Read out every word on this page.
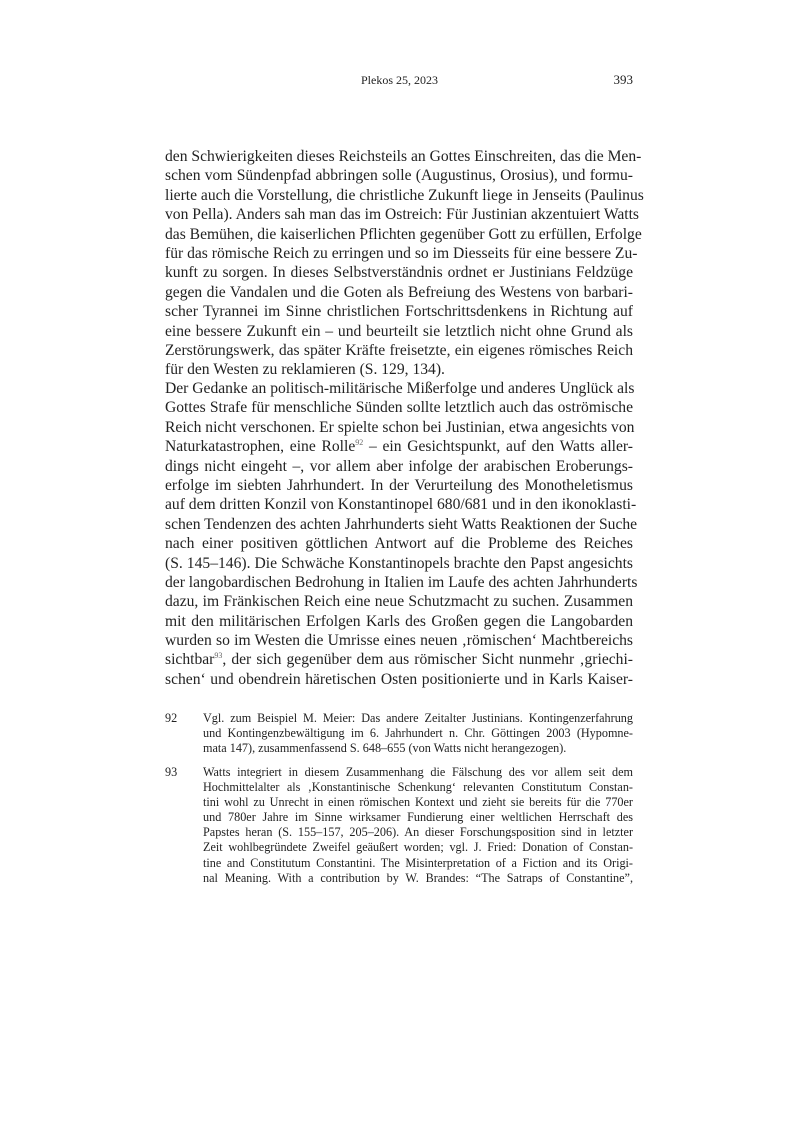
Plekos 25, 2023	393
den Schwierigkeiten dieses Reichsteils an Gottes Einschreiten, das die Men-
schen vom Sündenpfad abbringen solle (Augustinus, Orosius), und formu-
lierte auch die Vorstellung, die christliche Zukunft liege in Jenseits (Paulinus
von Pella). Anders sah man das im Ostreich: Für Justinian akzentuiert Watts
das Bemühen, die kaiserlichen Pflichten gegenüber Gott zu erfüllen, Erfolge
für das römische Reich zu erringen und so im Diesseits für eine bessere Zu-
kunft zu sorgen. In dieses Selbstverständnis ordnet er Justinians Feldzüge
gegen die Vandalen und die Goten als Befreiung des Westens von barbari-
scher Tyrannei im Sinne christlichen Fortschrittsdenkens in Richtung auf
eine bessere Zukunft ein – und beurteilt sie letztlich nicht ohne Grund als
Zerstörungswerk, das später Kräfte freisetzte, ein eigenes römisches Reich
für den Westen zu reklamieren (S. 129, 134).
Der Gedanke an politisch-militärische Mißerfolge und anderes Unglück als
Gottes Strafe für menschliche Sünden sollte letztlich auch das oströmische
Reich nicht verschonen. Er spielte schon bei Justinian, etwa angesichts von
Naturkatastrophen, eine Rolle$^{92}$ – ein Gesichtspunkt, auf den Watts aller-
dings nicht eingeht –, vor allem aber infolge der arabischen Eroberungs-
erfolge im siebten Jahrhundert. In der Verurteilung des Monotheletismus
auf dem dritten Konzil von Konstantinopel 680/681 und in den ikonoklasti-
schen Tendenzen des achten Jahrhunderts sieht Watts Reaktionen der Suche
nach einer positiven göttlichen Antwort auf die Probleme des Reiches
(S. 145–146). Die Schwäche Konstantinopels brachte den Papst angesichts
der langobardischen Bedrohung in Italien im Laufe des achten Jahrhunderts
dazu, im Fränkischen Reich eine neue Schutzmacht zu suchen. Zusammen
mit den militärischen Erfolgen Karls des Großen gegen die Langobarden
wurden so im Westen die Umrisse eines neuen ‚römischen‘ Machtbereichs
sichtbar$^{93}$, der sich gegenüber dem aus römischer Sicht nunmehr ‚griechi-
schen‘ und obendrein häretischen Osten positionierte und in Karls Kaiser-
92 Vgl. zum Beispiel M. Meier: Das andere Zeitalter Justinians. Kontingenzerfahrung
und Kontingenzbewältigung im 6. Jahrhundert n. Chr. Göttingen 2003 (Hypomne-
mata 147), zusammenfassend S. 648–655 (von Watts nicht herangezogen).
93 Watts integriert in diesem Zusammenhang die Fälschung des vor allem seit dem
Hochmittelalter als ‚Konstantinische Schenkung‘ relevanten Constitutum Constan-
tini wohl zu Unrecht in einen römischen Kontext und zieht sie bereits für die 770er
und 780er Jahre im Sinne wirksamer Fundierung einer weltlichen Herrschaft des
Papstes heran (S. 155–157, 205–206). An dieser Forschungsposition sind in letzter
Zeit wohlbegründete Zweifel geäußert worden; vgl. J. Fried: Donation of Constan-
tine and Constitutum Constantini. The Misinterpretation of a Fiction and its Origi-
nal Meaning. With a contribution by W. Brandes: “The Satraps of Constantine”,
